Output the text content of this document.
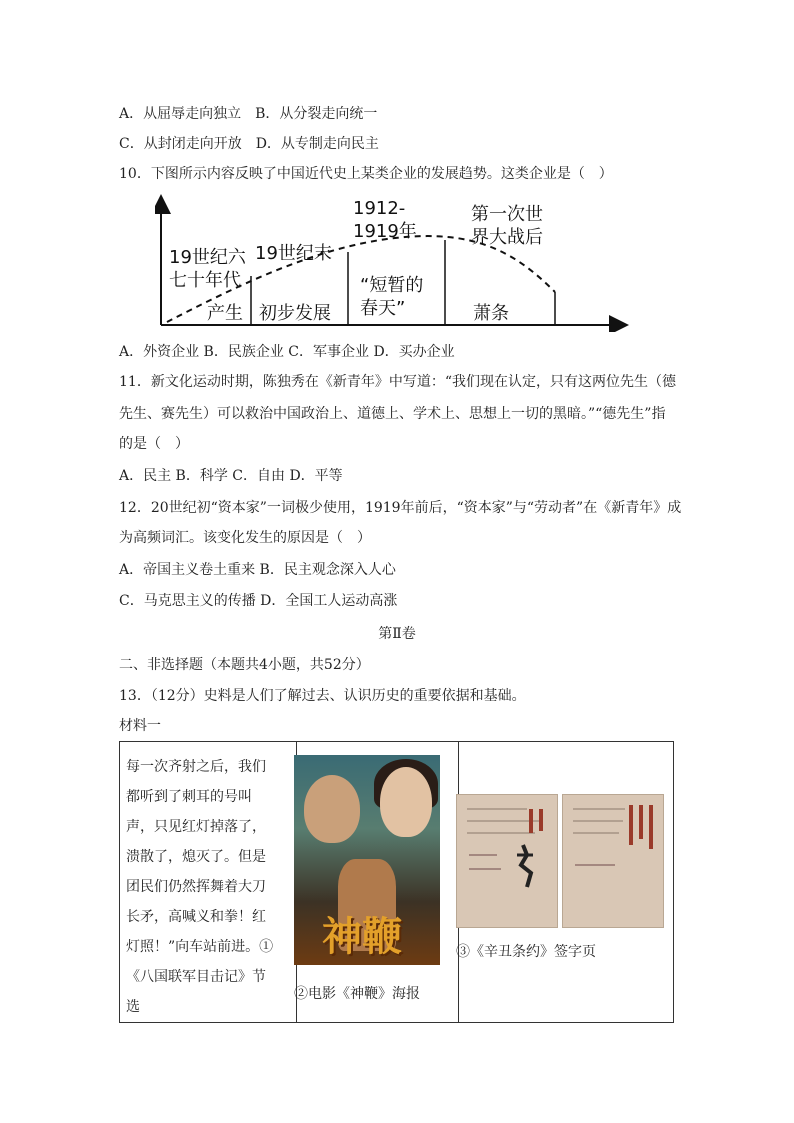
A．从屈辱走向独立　B．从分裂走向统一
C．从封闭走向开放　D．从专制走向民主
10．下图所示内容反映了中国近代史上某类企业的发展趋势。这类企业是（　）
19世纪六
七十年代
19世纪末
1912-
1919年
第一次世
界大战后
产生 初步发展
“短暂的
春天”	萧条
A．外资企业 B．民族企业 C．军事企业 D．买办企业
11．新文化运动时期，陈独秀在《新青年》中写道：“我们现在认定，只有这两位先生（德
先生、赛先生）可以救治中国政治上、道德上、学术上、思想上一切的黑暗。”“德先生”指
的是（　）
A．民主 B．科学 C．自由 D．平等
12．20世纪初“资本家”一词极少使用，1919年前后，“资本家”与“劳动者”在《新青年》成
为高频词汇。该变化发生的原因是（　）
A．帝国主义卷土重来 B．民主观念深入人心
C．马克思主义的传播 D．全国工人运动高涨
第Ⅱ卷
二、非选择题（本题共4小题，共52分）
13．（12分）史料是人们了解过去、认识历史的重要依据和基础。
材料一
每一次齐射之后，我们都听到了刺耳的号叫声，只见红灯掉落了，溃散了，熄灭了。但是团民们仍然挥舞着大刀长矛，高喊义和拳！红灯照！”向车站前进。①《八国联军目击记》节选

神鞭
②电影《神鞭》海报
③《辛丑条约》签字页
